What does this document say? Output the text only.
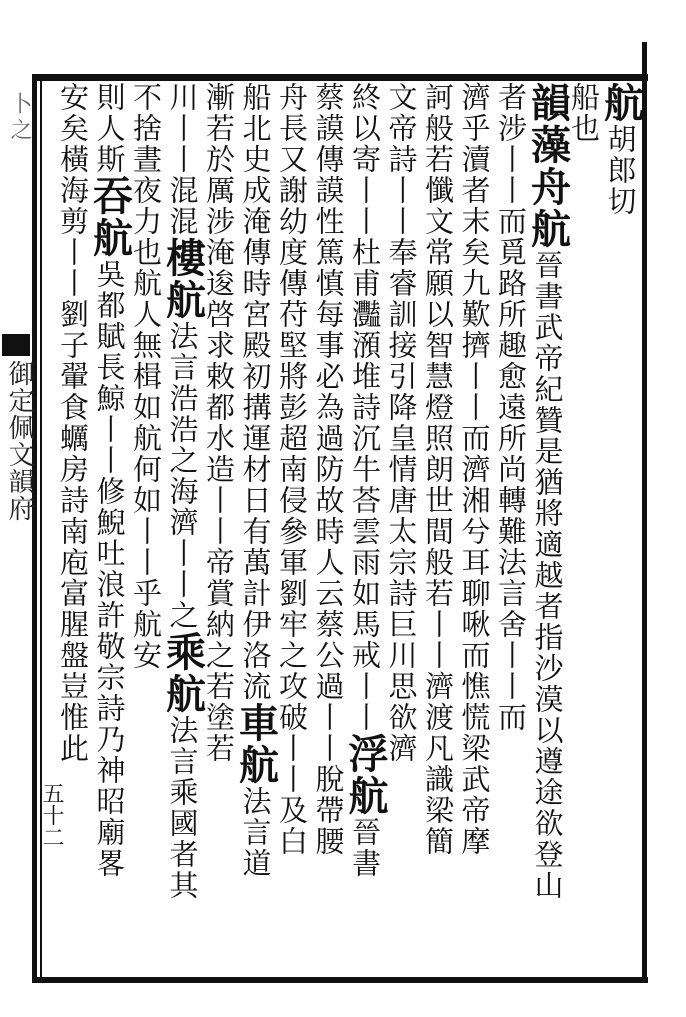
卜之
御定佩文韻府
五十二
航胡郎切
船也
韻藻舟航晉書武帝紀贊是猶將適越者指沙漠以遵途欲登山
者涉丨丨而覓路所趣愈遠所尚轉難法言舍丨丨而
濟乎瀆者末矣九歎擠丨丨而濟湘兮耳聊啾而憔慌梁武帝摩
訶般若懺文常願以智慧燈照朗世間般若丨丨濟渡凡識梁簡
文帝詩丨丨奉睿訓接引降皇情唐太宗詩巨川思欲濟
終以寄丨丨杜甫灩澦堆詩沉牛荅雲雨如馬戒丨丨浮航晉書
蔡謨傳謨性篤慎每事必為過防故時人云蔡公過丨丨脫帶腰
舟長又謝幼度傳苻堅將彭超南侵參軍劉牢之攻破丨丨及白
船北史成淹傳時宮殿初搆運材日有萬計伊洛流車航法言道
漸若於厲涉淹逡啓求敕都水造丨丨帝賞納之若塗若
川丨丨混混樓航法言浩浩之海濟丨丨之乘航法言乘國者其
不捨晝夜力也航人無楫如航何如丨丨乎航安
則人斯吞航吳都賦長鯨丨丨修鯢吐浪許敬宗詩乃神昭廟畧
安矣橫海剪丨丨劉子翬食蠣房詩南庖富腥盤豈惟此
